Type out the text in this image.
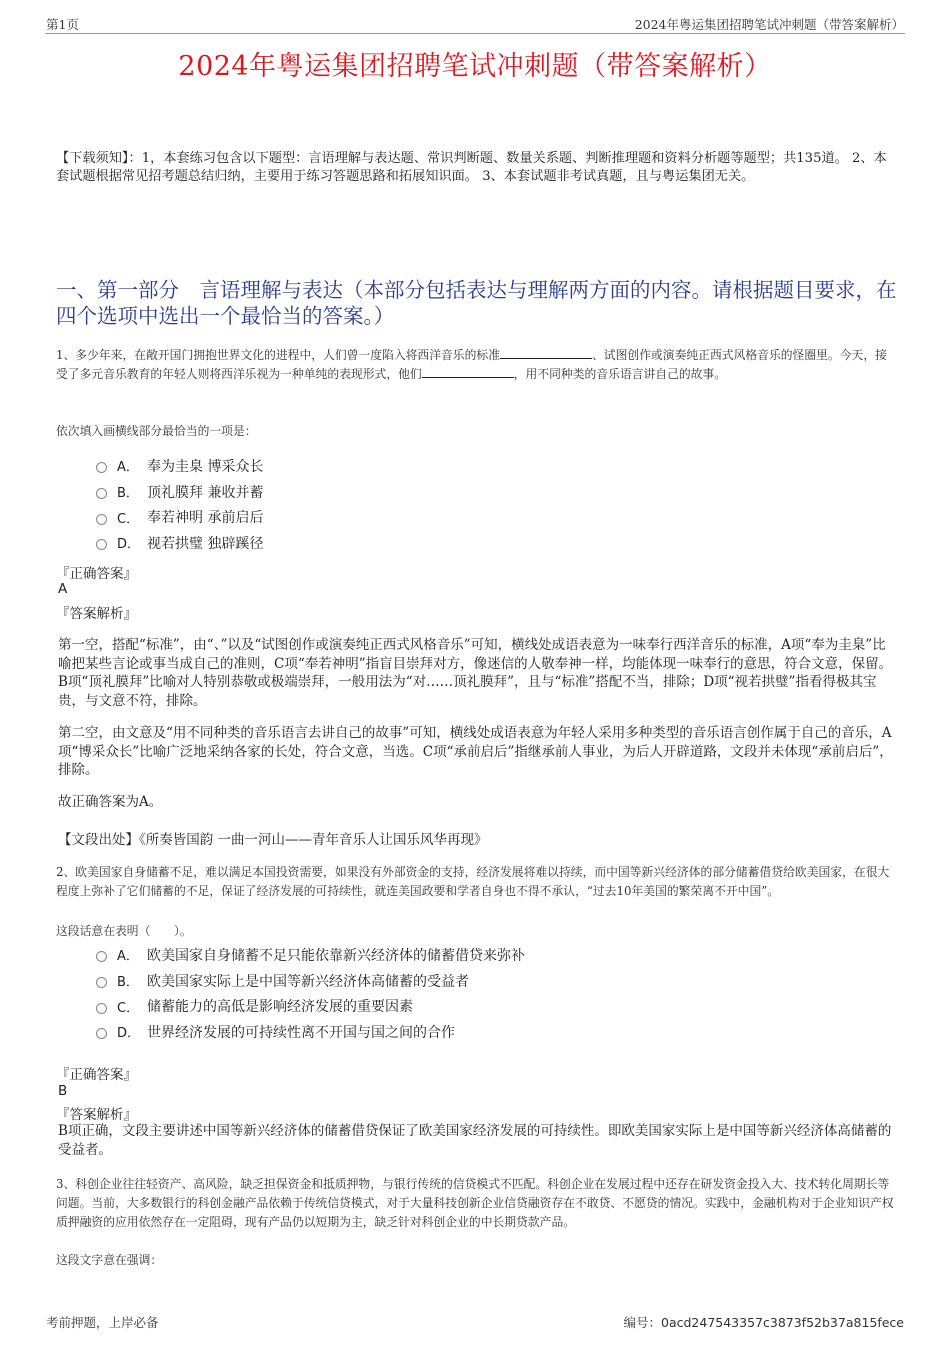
第1页	2024年粤运集团招聘笔试冲刺题（带答案解析）
2024年粤运集团招聘笔试冲刺题（带答案解析）
【下载须知】：1，本套练习包含以下题型：言语理解与表达题、常识判断题、数量关系题、判断推理题和资料分析题等题型；共135道。 2、本套试题根据常见招考题总结归纳，主要用于练习答题思路和拓展知识面。 3、本套试题非考试真题，且与粤运集团无关。
一、第一部分　言语理解与表达（本部分包括表达与理解两方面的内容。请根据题目要求，在四个选项中选出一个最恰当的答案。）
1、多少年来，在敞开国门拥抱世界文化的进程中，人们曾一度陷入将西洋音乐的标准	、试图创作或演奏纯正西式风格音乐的怪圈里。今天，接受了多元音乐教育的年轻人则将西洋乐视为一种单纯的表现形式，他们	，用不同种类的音乐语言讲自己的故事。
依次填入画横线部分最恰当的一项是：
A． 奉为圭臬 博采众长
B． 顶礼膜拜 兼收并蓄
C． 奉若神明 承前启后
D． 视若拱璧 独辟蹊径
『正确答案』
A
『答案解析』
第一空，搭配“标准”，由“、”以及“试图创作或演奏纯正西式风格音乐”可知，横线处成语表意为一味奉行西洋音乐的标准，A项“奉为圭臬”比喻把某些言论或事当成自己的准则，C项“奉若神明”指盲目崇拜对方，像迷信的人敬奉神一样，均能体现一味奉行的意思，符合文意，保留。B项“顶礼膜拜”比喻对人特别恭敬或极端崇拜，一般用法为“对……顶礼膜拜”，且与“标准”搭配不当，排除；D项“视若拱璧”指看得极其宝贵，与文意不符，排除。
第二空，由文意及“用不同种类的音乐语言去讲自己的故事”可知，横线处成语表意为年轻人采用多种类型的音乐语言创作属于自己的音乐，A项“博采众长”比喻广泛地采纳各家的长处，符合文意，当选。C项“承前启后”指继承前人事业，为后人开辟道路，文段并未体现“承前启后”，排除。
故正确答案为A。
【文段出处】《所奏皆国韵 一曲一河山——青年音乐人让国乐风华再现》
2、欧美国家自身储蓄不足，难以满足本国投资需要，如果没有外部资金的支持，经济发展将难以持续，而中国等新兴经济体的部分储蓄借贷给欧美国家，在很大程度上弥补了它们储蓄的不足，保证了经济发展的可持续性，就连美国政要和学者自身也不得不承认，“过去10年美国的繁荣离不开中国”。
这段话意在表明（　　）。
A． 欧美国家自身储蓄不足只能依靠新兴经济体的储蓄借贷来弥补
B． 欧美国家实际上是中国等新兴经济体高储蓄的受益者
C． 储蓄能力的高低是影响经济发展的重要因素
D． 世界经济发展的可持续性离不开国与国之间的合作
『正确答案』
B
『答案解析』
B项正确，文段主要讲述中国等新兴经济体的储蓄借贷保证了欧美国家经济发展的可持续性。即欧美国家实际上是中国等新兴经济体高储蓄的受益者。
3、科创企业往往轻资产、高风险，缺乏担保资金和抵质押物，与银行传统的信贷模式不匹配。科创企业在发展过程中还存在研发资金投入大、技术转化周期长等问题。当前，大多数银行的科创金融产品依赖于传统信贷模式，对于大量科技创新企业信贷融资存在不敢贷、不愿贷的情况。实践中，金融机构对于企业知识产权质押融资的应用依然存在一定阻碍，现有产品仍以短期为主，缺乏针对科创企业的中长期贷款产品。
这段文字意在强调：
考前押题，上岸必备	编号：0acd247543357c3873f52b37a815fece
